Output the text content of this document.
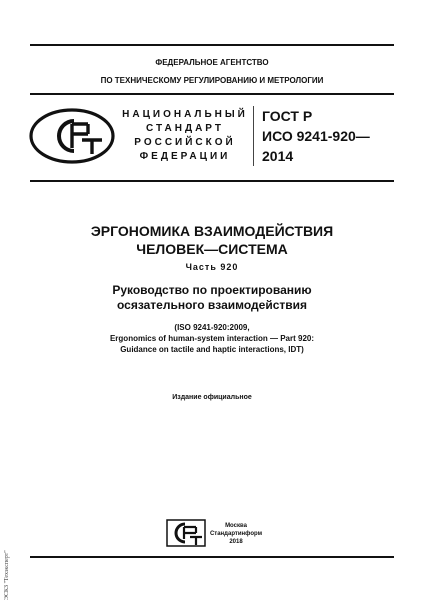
ФЕДЕРАЛЬНОЕ АГЕНТСТВО
ПО ТЕХНИЧЕСКОМУ РЕГУЛИРОВАНИЮ И МЕТРОЛОГИИ
НАЦИОНАЛЬНЫЙ
СТАНДАРТ
РОССИЙСКОЙ
ФЕДЕРАЦИИ
ГОСТ Р
ИСО 9241-920—
2014
ЭРГОНОМИКА ВЗАИМОДЕЙСТВИЯ
ЧЕЛОВЕК—СИСТЕМА
Часть 920
Руководство по проектированию
осязательного взаимодействия
(ISO 9241-920:2009,
Ergonomics of human-system interaction — Part 920:
Guidance on tactile and haptic interactions, IDT)
Издание официальное
Москва
Стандартинформ
2018
ЭСКЗ "Техэксперт"
